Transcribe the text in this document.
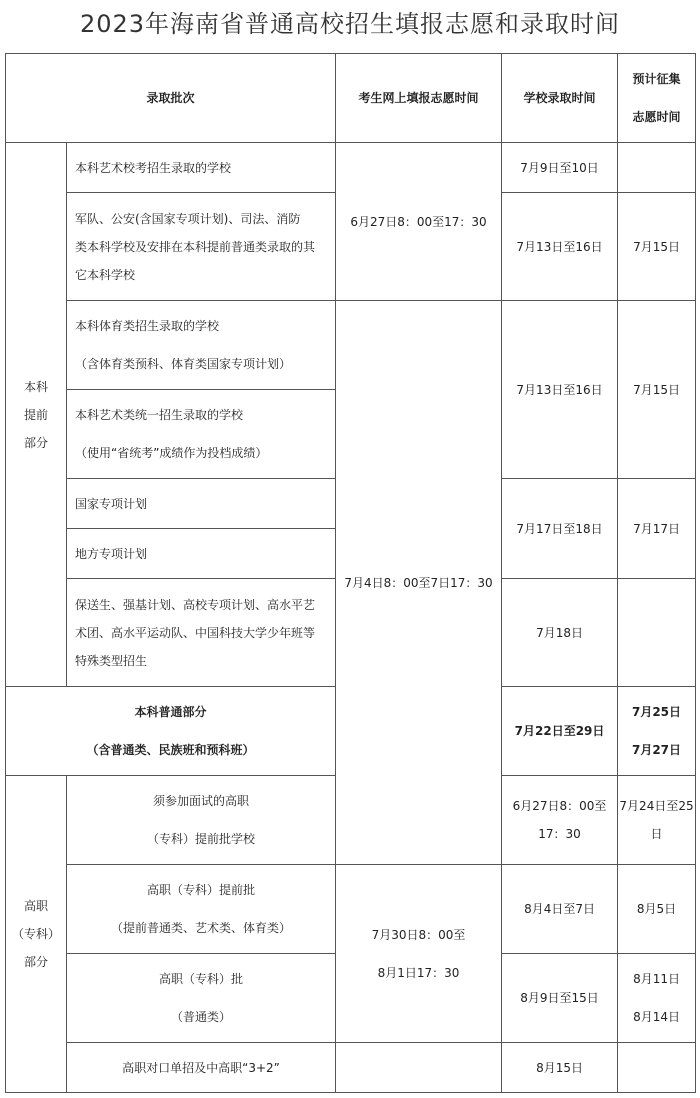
2023年海南省普通高校招生填报志愿和录取时间
录取批次		考生网上填报志愿时间	学校录取时间	预计征集
志愿时间	

本科
提前
部分	本科艺术校考招生录取的学校	6月27日8：00至17：30	7月9日至10日		

	军队、公安(含国家专项计划)、司法、消防
类本科学校及安排在本科提前普通类录取的其
它本科学校		7月13日至16日	7月15日	

	本科体育类招生录取的学校
（含体育类预科、体育类国家专项计划）	7月4日8：00至7日17：30	7月13日至16日	7月15日	

	本科艺术类统一招生录取的学校
（使用“省统考”成绩作为投档成绩）				

	国家专项计划		7月17日至18日	7月17日	
	地方专项计划				

	保送生、强基计划、高校专项计划、高水平艺
术团、高水平运动队、中国科技大学少年班等
特殊类型招生		7月18日		

本科普通部分
（含普通类、民族班和预科班）			7月22日至29日	7月25日
7月27日	

高职
（专科）
部分	须参加面试的高职
（专科）提前批学校		6月27日8：00至17：30	7月24日至25日	

	高职（专科）提前批
（提前普通类、艺术类、体育类）	7月30日8：00至
8月1日17：30	8月4日至7日	8月5日	

	高职（专科）批
（普通类）		8月9日至15日	8月11日
8月14日	

	高职对口单招及中高职“3+2”		8月15日		
